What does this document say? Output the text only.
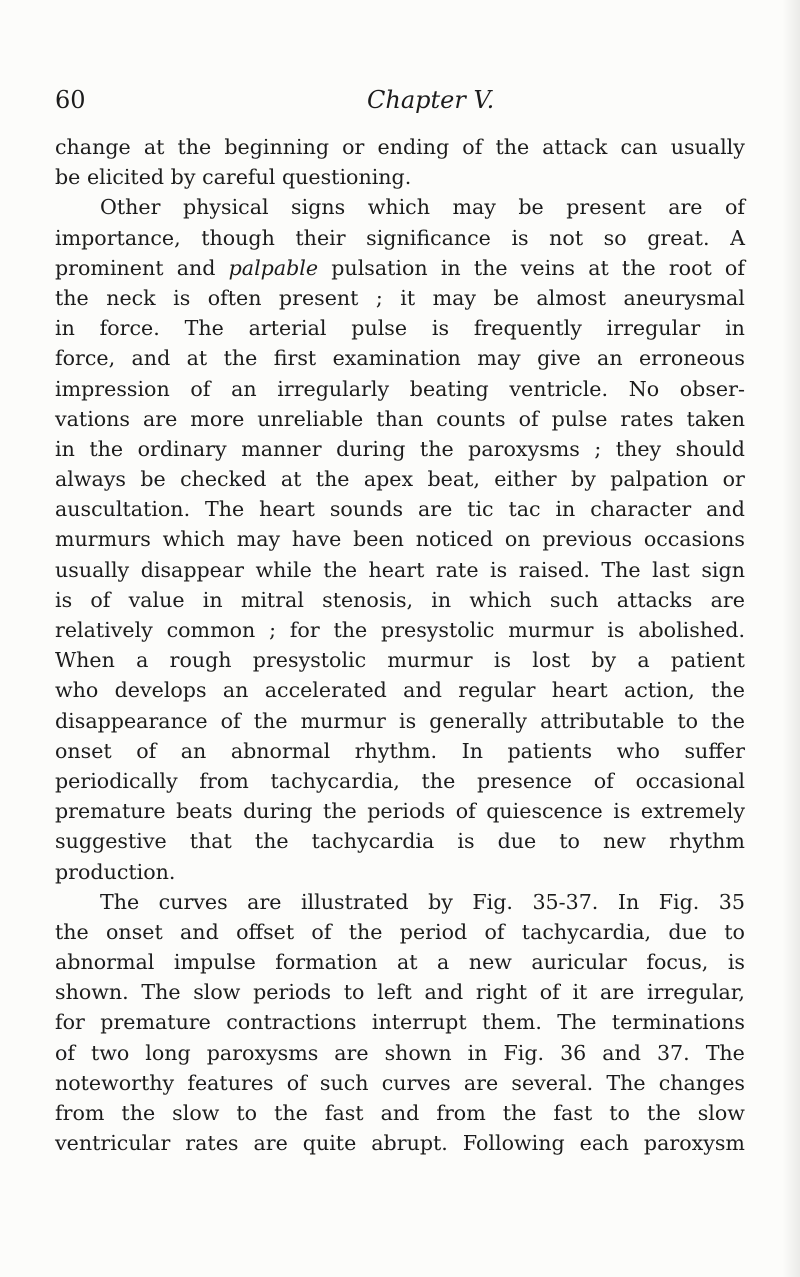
60	Chapter V.
change at the beginning or ending of the attack can usually
be elicited by careful questioning.
Other physical signs which may be present are of
importance, though their significance is not so great. A
prominent and palpable pulsation in the veins at the root of
the neck is often present ; it may be almost aneurysmal
in force. The arterial pulse is frequently irregular in
force, and at the first examination may give an erroneous
impression of an irregularly beating ventricle. No obser-
vations are more unreliable than counts of pulse rates taken
in the ordinary manner during the paroxysms ; they should
always be checked at the apex beat, either by palpation or
auscultation. The heart sounds are tic tac in character and
murmurs which may have been noticed on previous occasions
usually disappear while the heart rate is raised. The last sign
is of value in mitral stenosis, in which such attacks are
relatively common ; for the presystolic murmur is abolished.
When a rough presystolic murmur is lost by a patient
who develops an accelerated and regular heart action, the
disappearance of the murmur is generally attributable to the
onset of an abnormal rhythm. In patients who suffer
periodically from tachycardia, the presence of occasional
premature beats during the periods of quiescence is extremely
suggestive that the tachycardia is due to new rhythm
production.
The curves are illustrated by Fig. 35-37. In Fig. 35
the onset and offset of the period of tachycardia, due to
abnormal impulse formation at a new auricular focus, is
shown. The slow periods to left and right of it are irregular,
for premature contractions interrupt them. The terminations
of two long paroxysms are shown in Fig. 36 and 37. The
noteworthy features of such curves are several. The changes
from the slow to the fast and from the fast to the slow
ventricular rates are quite abrupt. Following each paroxysm
